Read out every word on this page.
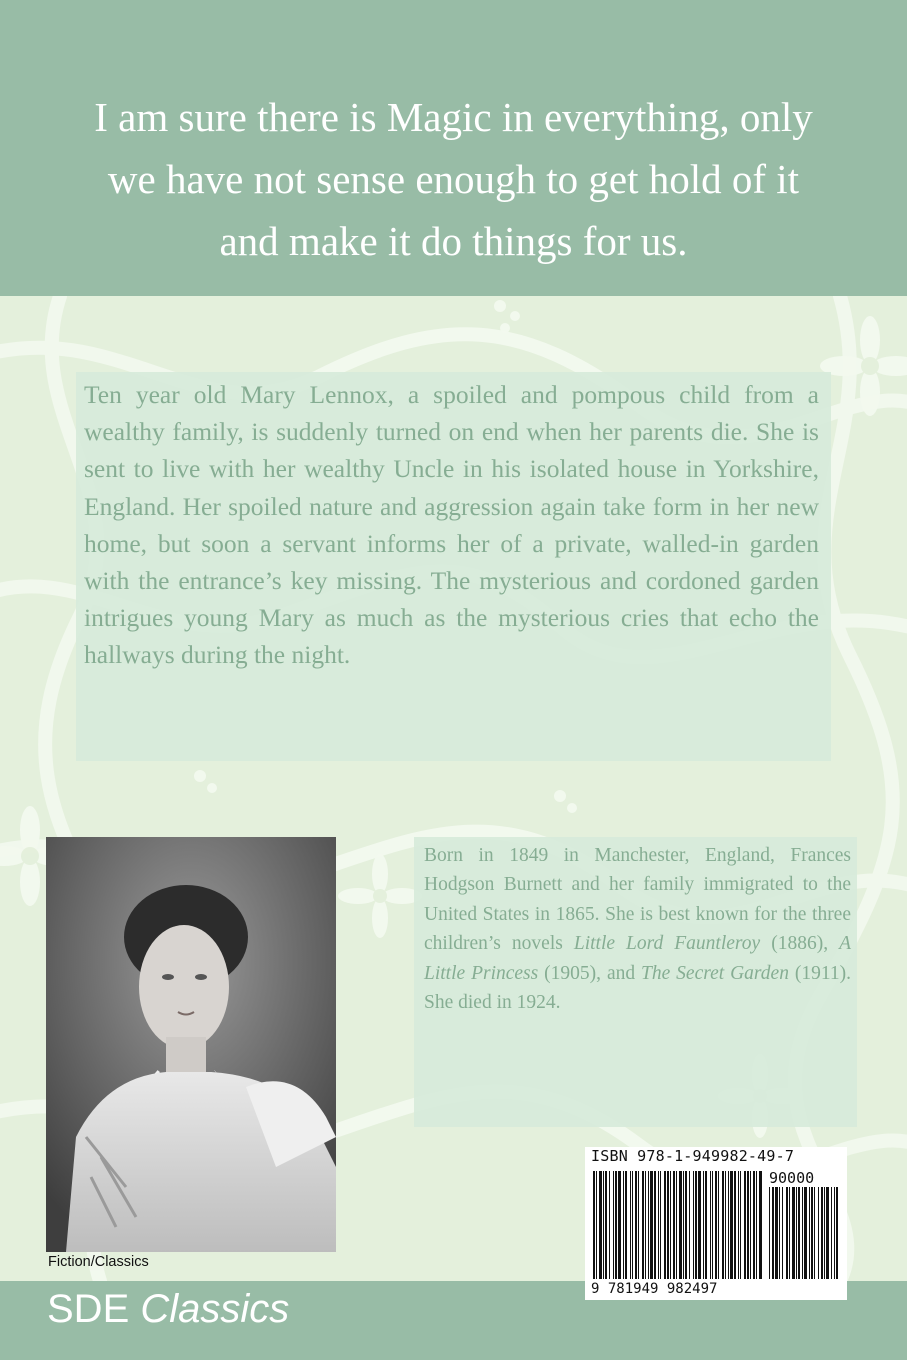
I am sure there is Magic in everything, only
we have not sense enough to get hold of it
and make it do things for us.
Ten year old Mary Lennox, a spoiled and pompous child from a wealthy family, is suddenly turned on end when her parents die. She is sent to live with her wealthy Uncle in his isolated house in Yorkshire, England. Her spoiled nature and aggression again take form in her new home, but soon a servant informs her of a private, walled-in garden with the entrance’s key missing. The mysterious and cordoned garden intrigues young Mary as much as the mysterious cries that echo the hallways during the night.
Born in 1849 in Manchester, England, Frances Hodgson Burnett and her family immigrated to the United States in 1865. She is best known for the three children’s novels Little Lord Fauntleroy (1886), A Little Princess (1905), and The Secret Garden (1911). She died in 1924.
Fiction/Classics
SDE Classics
ISBN 978-1-949982-49-7
90000
9 781949 982497
